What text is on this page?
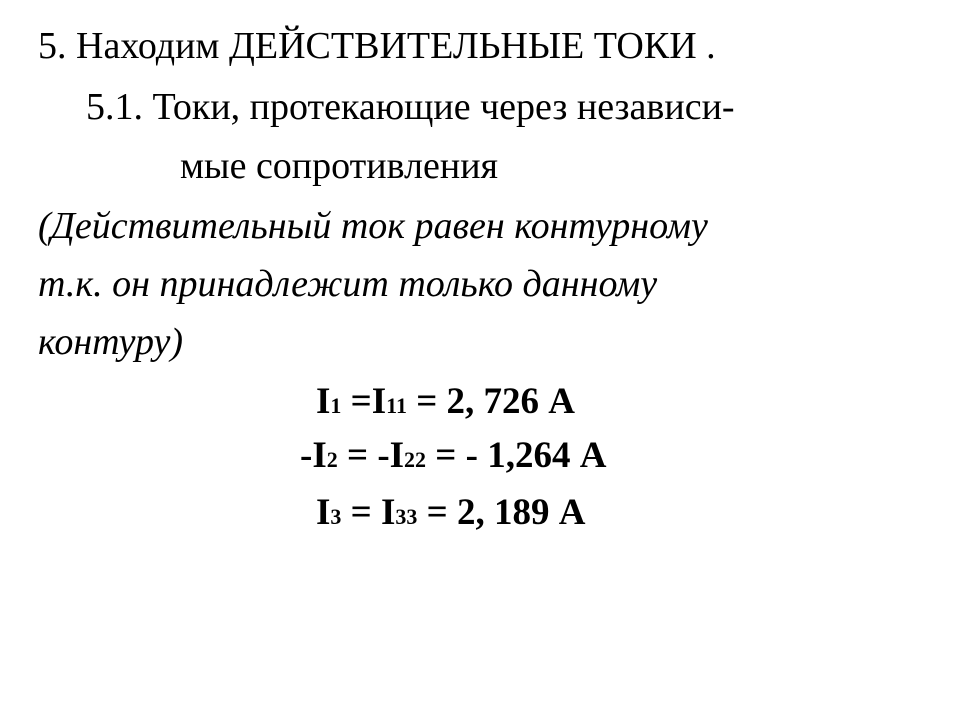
5. Находим ДЕЙСТВИТЕЛЬНЫЕ ТОКИ .
5.1. Токи, протекающие через независи-
мые сопротивления
(Действительный ток равен контурному
т.к. он принадлежит только данному
контуру)
I1 =I11 = 2, 726 А
-I2 = -I22 = - 1,264 А
I3 = I33 = 2, 189 А
